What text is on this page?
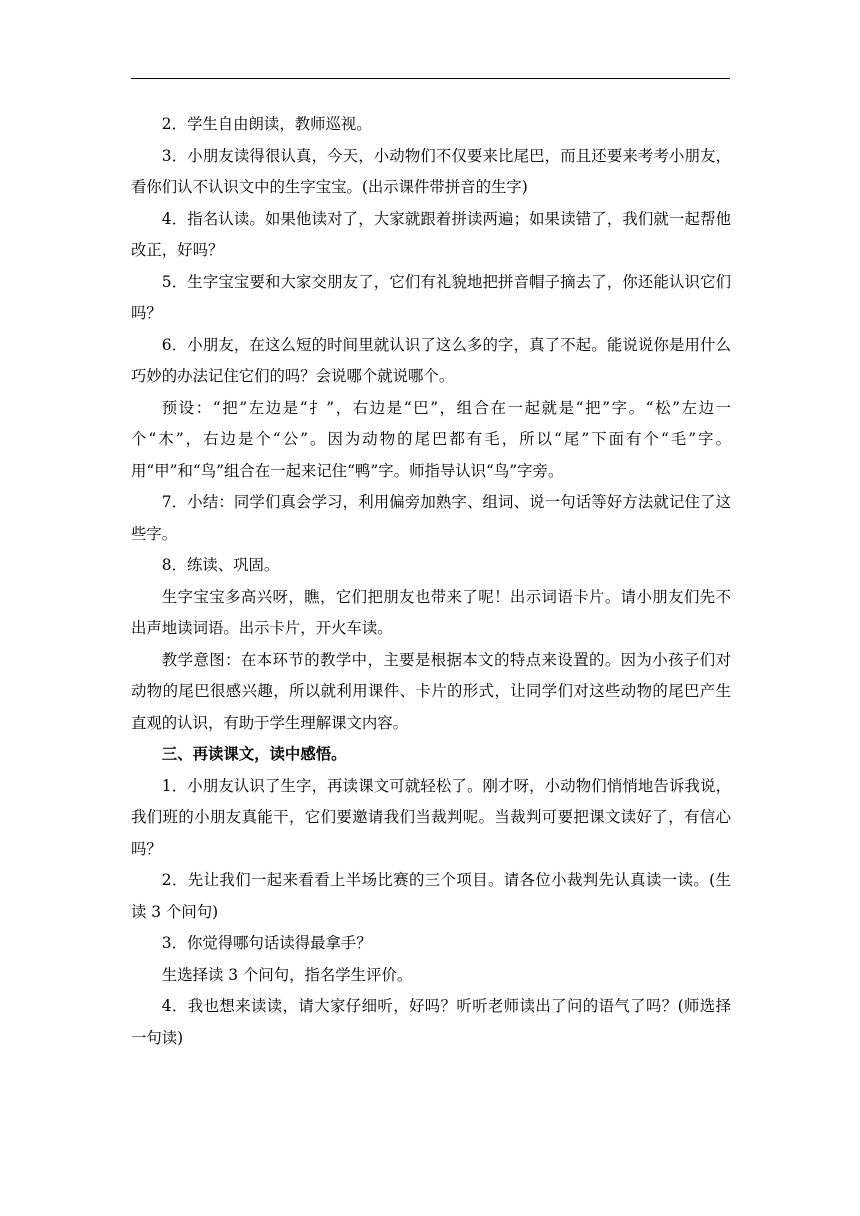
2．学生自由朗读，教师巡视。

3．小朋友读得很认真，今天，小动物们不仅要来比尾巴，而且还要来考考小朋友，看你们认不认识文中的生字宝宝。(出示课件带拼音的生字)

4．指名认读。如果他读对了，大家就跟着拼读两遍；如果读错了，我们就一起帮他改正，好吗？

5．生字宝宝要和大家交朋友了，它们有礼貌地把拼音帽子摘去了，你还能认识它们吗？

6．小朋友，在这么短的时间里就认识了这么多的字，真了不起。能说说你是用什么巧妙的办法记住它们的吗？会说哪个就说哪个。

预设：“把”左边是“扌”，右边是“巴”，组合在一起就是“把”字。“松”左边一个“木”，右边是个“公”。因为动物的尾巴都有毛，所以“尾”下面有个“毛”字。用“甲”和“鸟”组合在一起来记住“鸭”字。师指导认识“鸟”字旁。

7．小结：同学们真会学习，利用偏旁加熟字、组词、说一句话等好方法就记住了这些字。

8．练读、巩固。

生字宝宝多高兴呀，瞧，它们把朋友也带来了呢！出示词语卡片。请小朋友们先不出声地读词语。出示卡片，开火车读。

教学意图：在本环节的教学中，主要是根据本文的特点来设置的。因为小孩子们对动物的尾巴很感兴趣，所以就利用课件、卡片的形式，让同学们对这些动物的尾巴产生直观的认识，有助于学生理解课文内容。

三、再读课文，读中感悟。

1．小朋友认识了生字，再读课文可就轻松了。刚才呀，小动物们悄悄地告诉我说，我们班的小朋友真能干，它们要邀请我们当裁判呢。当裁判可要把课文读好了，有信心吗？

2．先让我们一起来看看上半场比赛的三个项目。请各位小裁判先认真读一读。(生读 3 个问句)

3．你觉得哪句话读得最拿手？

生选择读 3 个问句，指名学生评价。

4．我也想来读读，请大家仔细听，好吗？听听老师读出了问的语气了吗？(师选择一句读)
